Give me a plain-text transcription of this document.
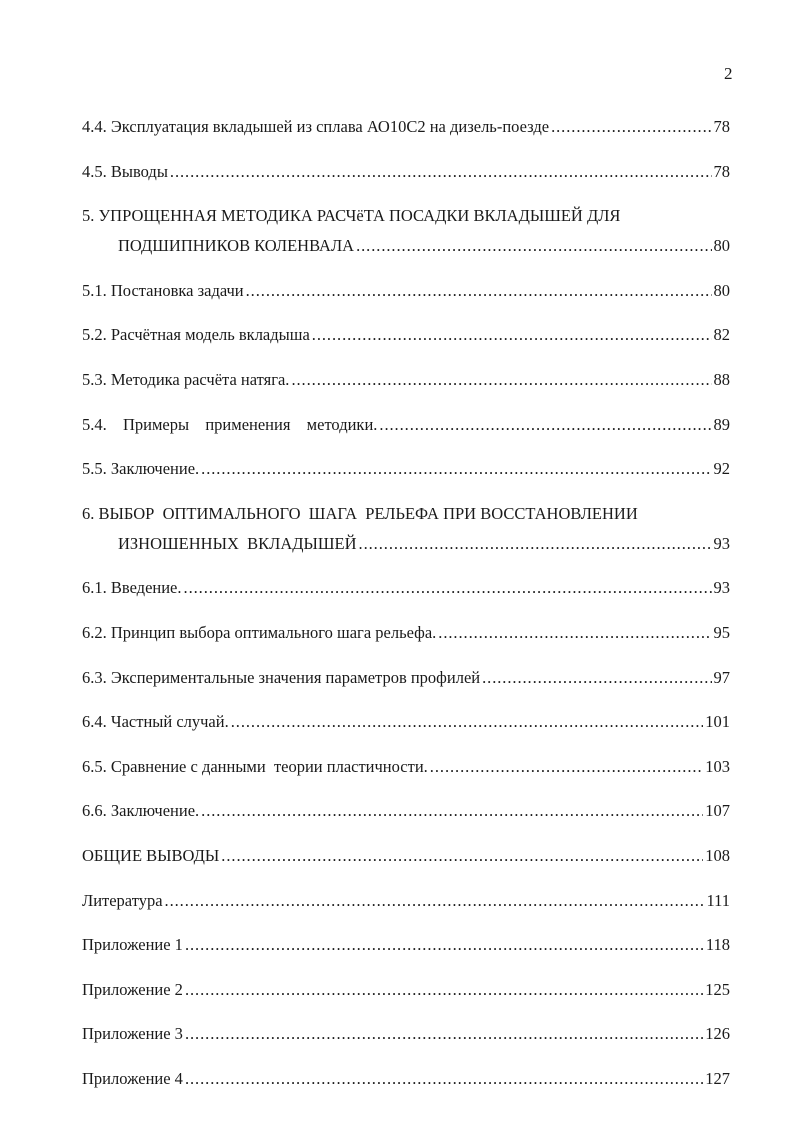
2
4.4. Эксплуатация вкладышей из сплава АО10С2 на дизель-поезде . . .	78
4.5. Выводы . . .	78
5. УПРОЩЕННАЯ МЕТОДИКА РАСЧёТА ПОСАДКИ ВКЛАДЫШЕЙ ДЛЯ
ПОДШИПНИКОВ КОЛЕНВАЛА . . .	80
5.1. Постановка задачи . . .	80
5.2. Расчётная модель вкладыша . . .	82
5.3. Методика расчёта натяга. . . .	88
5.4.  Примеры  применения  методики. . . .	89
5.5. Заключение. . . .	92
6. ВЫБОР  ОПТИМАЛЬНОГО  ШАГА  РЕЛЬЕФА ПРИ ВОССТАНОВЛЕНИИ
ИЗНОШЕННЫХ  ВКЛАДЫШЕЙ . . .	93
6.1. Введение. . . .	93
6.2. Принцип выбора оптимального шага рельефа. . . .	95
6.3. Экспериментальные значения параметров профилей . . .	97
6.4. Частный случай. . . .	101
6.5. Сравнение с данными  теории пластичности. . . .	103
6.6. Заключение. . . .	107
ОБЩИЕ ВЫВОДЫ . . .	108
Литература . . .	111
Приложение 1 . . .	118
Приложение 2 . . .	125
Приложение 3 . . .	126
Приложение 4 . . .	127
